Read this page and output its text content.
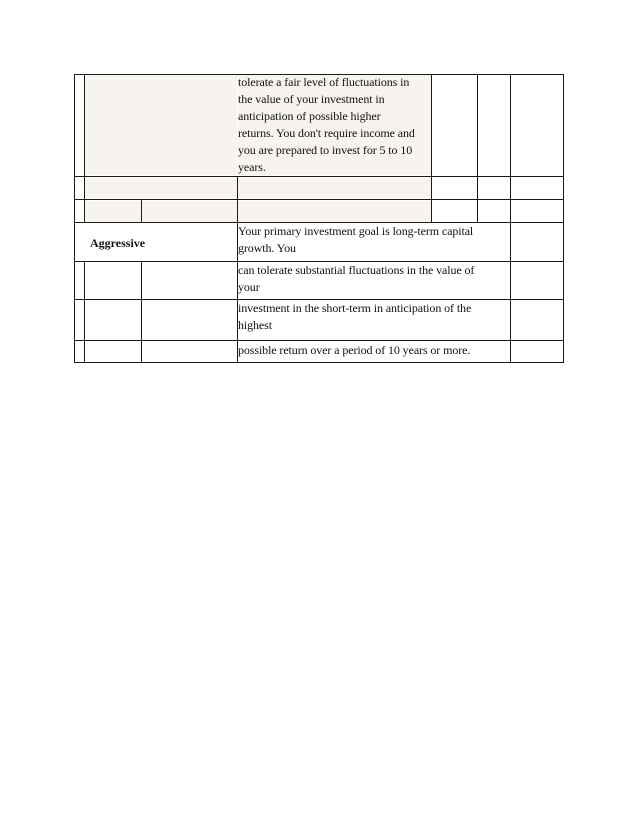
tolerate a fair level of fluctuations in
the value of your investment in
anticipation of possible higher
returns. You don't require income and
you are prepared to invest for 5 to 10
years.
Aggressive
Your primary investment goal is long-term capital
growth. You
can tolerate substantial fluctuations in the value of
your
investment in the short-term in anticipation of the
highest
possible return over a period of 10 years or more.
